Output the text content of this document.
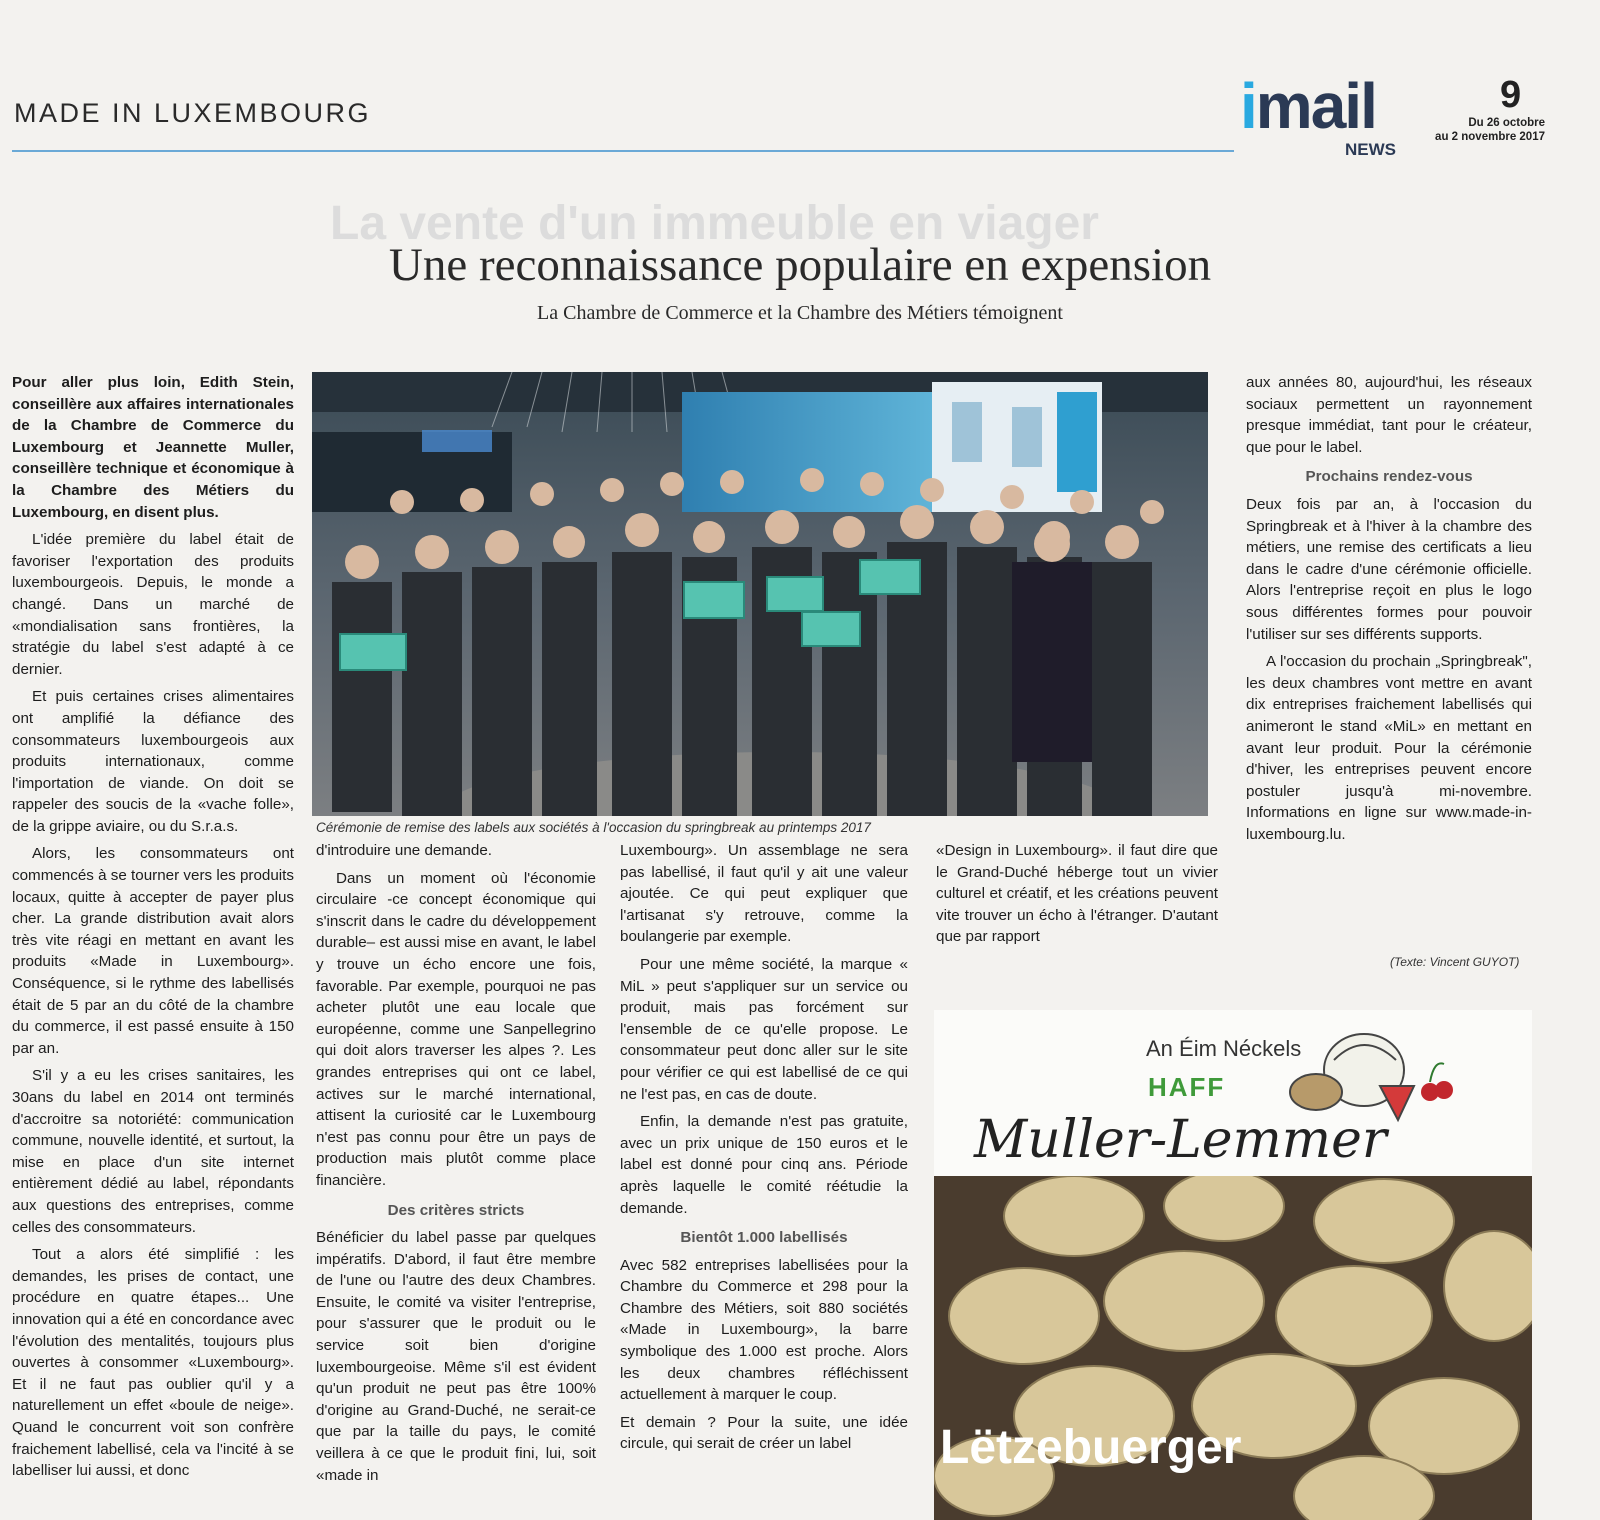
MADE IN LUXEMBOURG
La vente d'un immeuble en viager
imail
NEWS
9
Du 26 octobre
au 2 novembre 2017
Une reconnaissance populaire en expension
La Chambre de Commerce et la Chambre des Métiers témoignent

Pour aller plus loin, Edith Stein, conseillère aux affaires internationales de la Chambre de Commerce du Luxembourg et Jeannette Muller, conseillère technique et économique à la Chambre des Métiers du Luxembourg, en disent plus.

L'idée première du label était de favoriser l'exportation des produits luxembourgeois. Depuis, le monde a changé. Dans un marché de «mondialisation sans frontières, la stratégie du label s'est adapté à ce dernier.

Et puis certaines crises alimentaires ont amplifié la défiance des consommateurs luxembourgeois aux produits internationaux, comme l'importation de viande. On doit se rappeler des soucis de la «vache folle», de la grippe aviaire, ou du S.r.a.s.

Alors, les consommateurs ont commencés à se tourner vers les produits locaux, quitte à accepter de payer plus cher. La grande distribution avait alors très vite réagi en mettant en avant les produits «Made in Luxembourg». Conséquence, si le rythme des labellisés était de 5 par an du côté de la chambre du commerce, il est passé ensuite à 150 par an.

S'il y a eu les crises sanitaires, les 30ans du label en 2014 ont terminés d'accroitre sa notoriété: communication commune, nouvelle identité, et surtout, la mise en place d'un site internet entièrement dédié au label, répondants aux questions des entreprises, comme celles des consommateurs.

Tout a alors été simplifié : les demandes, les prises de contact, une procédure en quatre étapes... Une innovation qui a été en concordance avec l'évolution des mentalités, toujours plus ouvertes à consommer «Luxembourg». Et il ne faut pas oublier qu'il y a naturellement un effet «boule de neige». Quand le concurrent voit son confrère fraichement labellisé, cela va l'incité à se labelliser lui aussi, et donc

Cérémonie de remise des labels aux sociétés à l'occasion du springbreak au printemps 2017

d'introduire une demande.

Dans un moment où l'économie circulaire -ce concept économique qui s'inscrit dans le cadre du développement durable– est aussi mise en avant, le label y trouve un écho encore une fois, favorable. Par exemple, pourquoi ne pas acheter plutôt une eau locale que européenne, comme une Sanpellegrino qui doit alors traverser les alpes ?. Les grandes entreprises qui ont ce label, actives sur le marché international, attisent la curiosité car le Luxembourg n'est pas connu pour être un pays de production mais plutôt comme place financière.

Des critères stricts

Bénéficier du label passe par quelques impératifs. D'abord, il faut être membre de l'une ou l'autre des deux Chambres. Ensuite, le comité va visiter l'entreprise, pour s'assurer que le produit ou le service soit bien d'origine luxembourgeoise. Même s'il est évident qu'un produit ne peut pas être 100% d'origine au Grand-Duché, ne serait-ce que par la taille du pays, le comité veillera à ce que le produit fini, lui, soit «made in

Luxembourg». Un assemblage ne sera pas labellisé, il faut qu'il y ait une valeur ajoutée. Ce qui peut expliquer que l'artisanat s'y retrouve, comme la boulangerie par exemple.

Pour une même société, la marque « MiL » peut s'appliquer sur un service ou produit, mais pas forcément sur l'ensemble de ce qu'elle propose. Le consommateur peut donc aller sur le site pour vérifier ce qui est labellisé de ce qui ne l'est pas, en cas de doute.

Enfin, la demande n'est pas gratuite, avec un prix unique de 150 euros et le label est donné pour cinq ans. Période après laquelle le comité réétudie la demande.

Bientôt 1.000 labellisés

Avec 582 entreprises labellisées pour la Chambre du Commerce et 298 pour la Chambre des Métiers, soit 880 sociétés «Made in Luxembourg», la barre symbolique des 1.000 est proche. Alors les deux chambres réfléchissent actuellement à marquer le coup.

Et demain ? Pour la suite, une idée circule, qui serait de créer un label

«Design in Luxembourg». il faut dire que le Grand-Duché héberge tout un vivier culturel et créatif, et les créations peuvent vite trouver un écho à l'étranger. D'autant que par rapport

aux années 80, aujourd'hui, les réseaux sociaux permettent un rayonnement presque immédiat, tant pour le créateur, que pour le label.

Prochains rendez-vous

Deux fois par an, à l'occasion du Springbreak et à l'hiver à la chambre des métiers, une remise des certificats a lieu dans le cadre d'une cérémonie officielle. Alors l'entreprise reçoit en plus le logo sous différentes formes pour pouvoir l'utiliser sur ses différents supports.

A l'occasion du prochain „Springbreak", les deux chambres vont mettre en avant dix entreprises fraichement labellisés qui animeront le stand «MiL» en mettant en avant leur produit. Pour la cérémonie d'hiver, les entreprises peuvent encore postuler jusqu'à mi-novembre. Informations en ligne sur www.made-in-luxembourg.lu.

(Texte: Vincent GUYOT)
An Éim Néckels
HAFF
Muller-Lemmer
Lëtzebuerger
